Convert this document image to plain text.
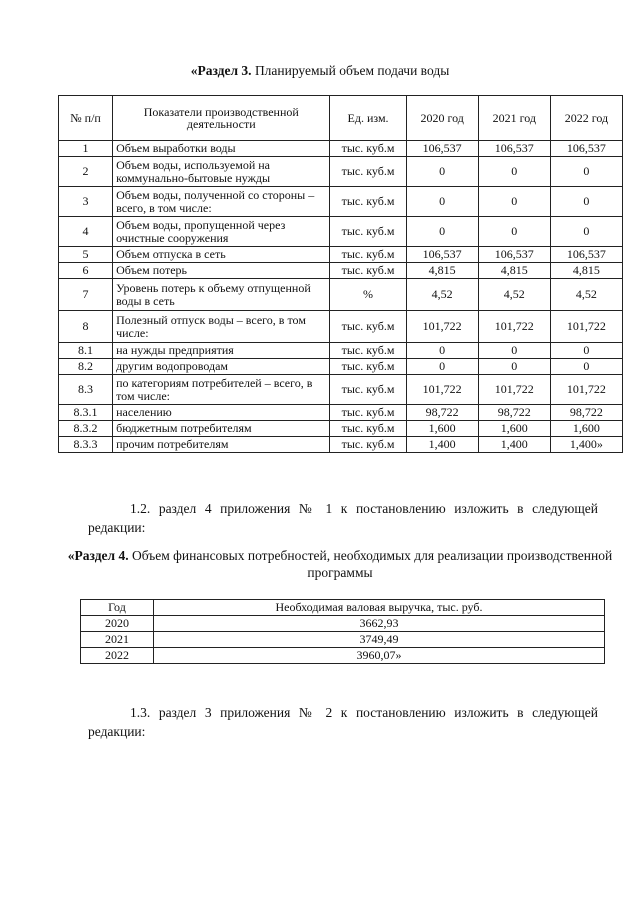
«Раздел 3. Планируемый объем подачи воды
№ п/п	Показатели производственной деятельности	Ед. изм.	2020 год	2021 год	2022 год
1	Объем выработки воды	тыс. куб.м	106,537	106,537	106,537
2	Объем воды, используемой на коммунально-бытовые нужды	тыс. куб.м	0	0	0
3	Объем воды, полученной со стороны – всего, в том числе:	тыс. куб.м	0	0	0
4	Объем воды, пропущенной через очистные сооружения	тыс. куб.м	0	0	0
5	Объем отпуска в сеть	тыс. куб.м	106,537	106,537	106,537
6	Объем потерь	тыс. куб.м	4,815	4,815	4,815
7	Уровень потерь к объему отпущенной воды в сеть	%	4,52	4,52	4,52
8	Полезный отпуск воды – всего, в том числе:	тыс. куб.м	101,722	101,722	101,722
8.1	на нужды предприятия	тыс. куб.м	0	0	0
8.2	другим водопроводам	тыс. куб.м	0	0	0
8.3	по категориям потребителей – всего, в том числе:	тыс. куб.м	101,722	101,722	101,722
8.3.1	населению	тыс. куб.м	98,722	98,722	98,722
8.3.2	бюджетным потребителям	тыс. куб.м	1,600	1,600	1,600
8.3.3	прочим потребителям	тыс. куб.м	1,400	1,400	1,400»
1.2. раздел 4 приложения № 1 к постановлению изложить в следующей редакции:
«Раздел 4. Объем финансовых потребностей, необходимых для реализации производственной программы
Год	Необходимая валовая выручка, тыс. руб.
2020	3662,93
2021	3749,49
2022	3960,07»
1.3. раздел 3 приложения № 2 к постановлению изложить в следующей редакции:
